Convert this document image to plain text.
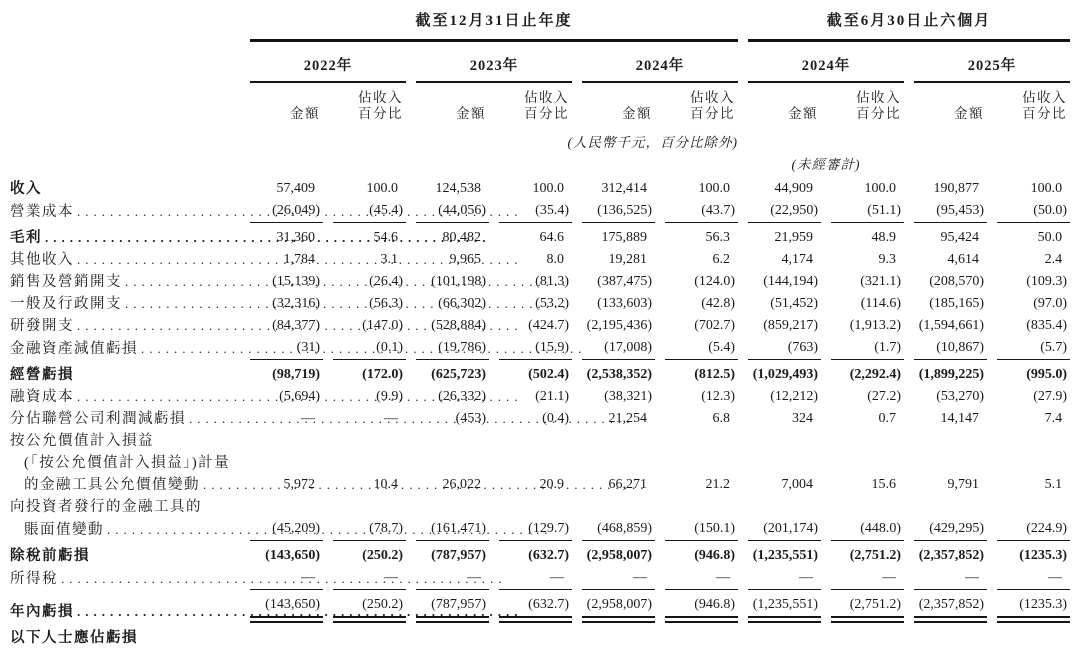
	截至12月31日止年度						截至6月30日止六個月			
	2022年		2023年		2024年		2024年		2025年	
	金額	佔收入
百分比	金額	佔收入
百分比	金額	佔收入
百分比	金額	佔收入
百分比	金額	佔收入
百分比
	(人民幣千元，百分比除外)									
							(未經審計)			

收入	57,409	100.0	124,538	100.0	312,414	100.0	44,909	100.0	190,877	100.0

營業成本
.....	(26,049)	(45.4)	(44,056)	(35.4)	(136,525)	(43.7)	(22,950)	(51.1)	(95,453)	(50.0)

毛利
.....	31,360	54.6	80,482	64.6	175,889	56.3	21,959	48.9	95,424	50.0

其他收入
.....	1,784	3.1	9,965	8.0	19,281	6.2	4,174	9.3	4,614	2.4

銷售及營銷開支
.....	(15,139)	(26.4)	(101,198)	(81.3)	(387,475)	(124.0)	(144,194)	(321.1)	(208,570)	(109.3)

一般及行政開支
.....	(32,316)	(56.3)	(66,302)	(53.2)	(133,603)	(42.8)	(51,452)	(114.6)	(185,165)	(97.0)

研發開支
.....	(84,377)	(147.0)	(528,884)	(424.7)	(2,195,436)	(702.7)	(859,217)	(1,913.2)	(1,594,661)	(835.4)

金融資產減值虧損
.....	(31)	(0.1)	(19,786)	(15.9)	(17,008)	(5.4)	(763)	(1.7)	(10,867)	(5.7)

經營虧損	(98,719)	(172.0)	(625,723)	(502.4)	(2,538,352)	(812.5)	(1,029,493)	(2,292.4)	(1,899,225)	(995.0)

融資成本
.....	(5,694)	(9.9)	(26,332)	(21.1)	(38,321)	(12.3)	(12,212)	(27.2)	(53,270)	(27.9)

分佔聯營公司利潤減虧損
.....	—	—	(453)	(0.4)	21,254	6.8	324	0.7	14,147	7.4

按公允價值計入損益										

(「按公允價值計入損益」)計量										

的金融工具公允價值變動
.....	5,972	10.4	26,022	20.9	66,271	21.2	7,004	15.6	9,791	5.1

向投資者發行的金融工具的										

賬面值變動
.....	(45,209)	(78.7)	(161,471)	(129.7)	(468,859)	(150.1)	(201,174)	(448.0)	(429,295)	(224.9)

除稅前虧損	(143,650)	(250.2)	(787,957)	(632.7)	(2,958,007)	(946.8)	(1,235,551)	(2,751.2)	(2,357,852)	(1235.3)

所得稅
.....	—	—	—	—	—	—	—	—	—	—

年內虧損
.....	(143,650)	(250.2)	(787,957)	(632.7)	(2,958,007)	(946.8)	(1,235,551)	(2,751.2)	(2,357,852)	(1235.3)

以下人士應佔虧損										
